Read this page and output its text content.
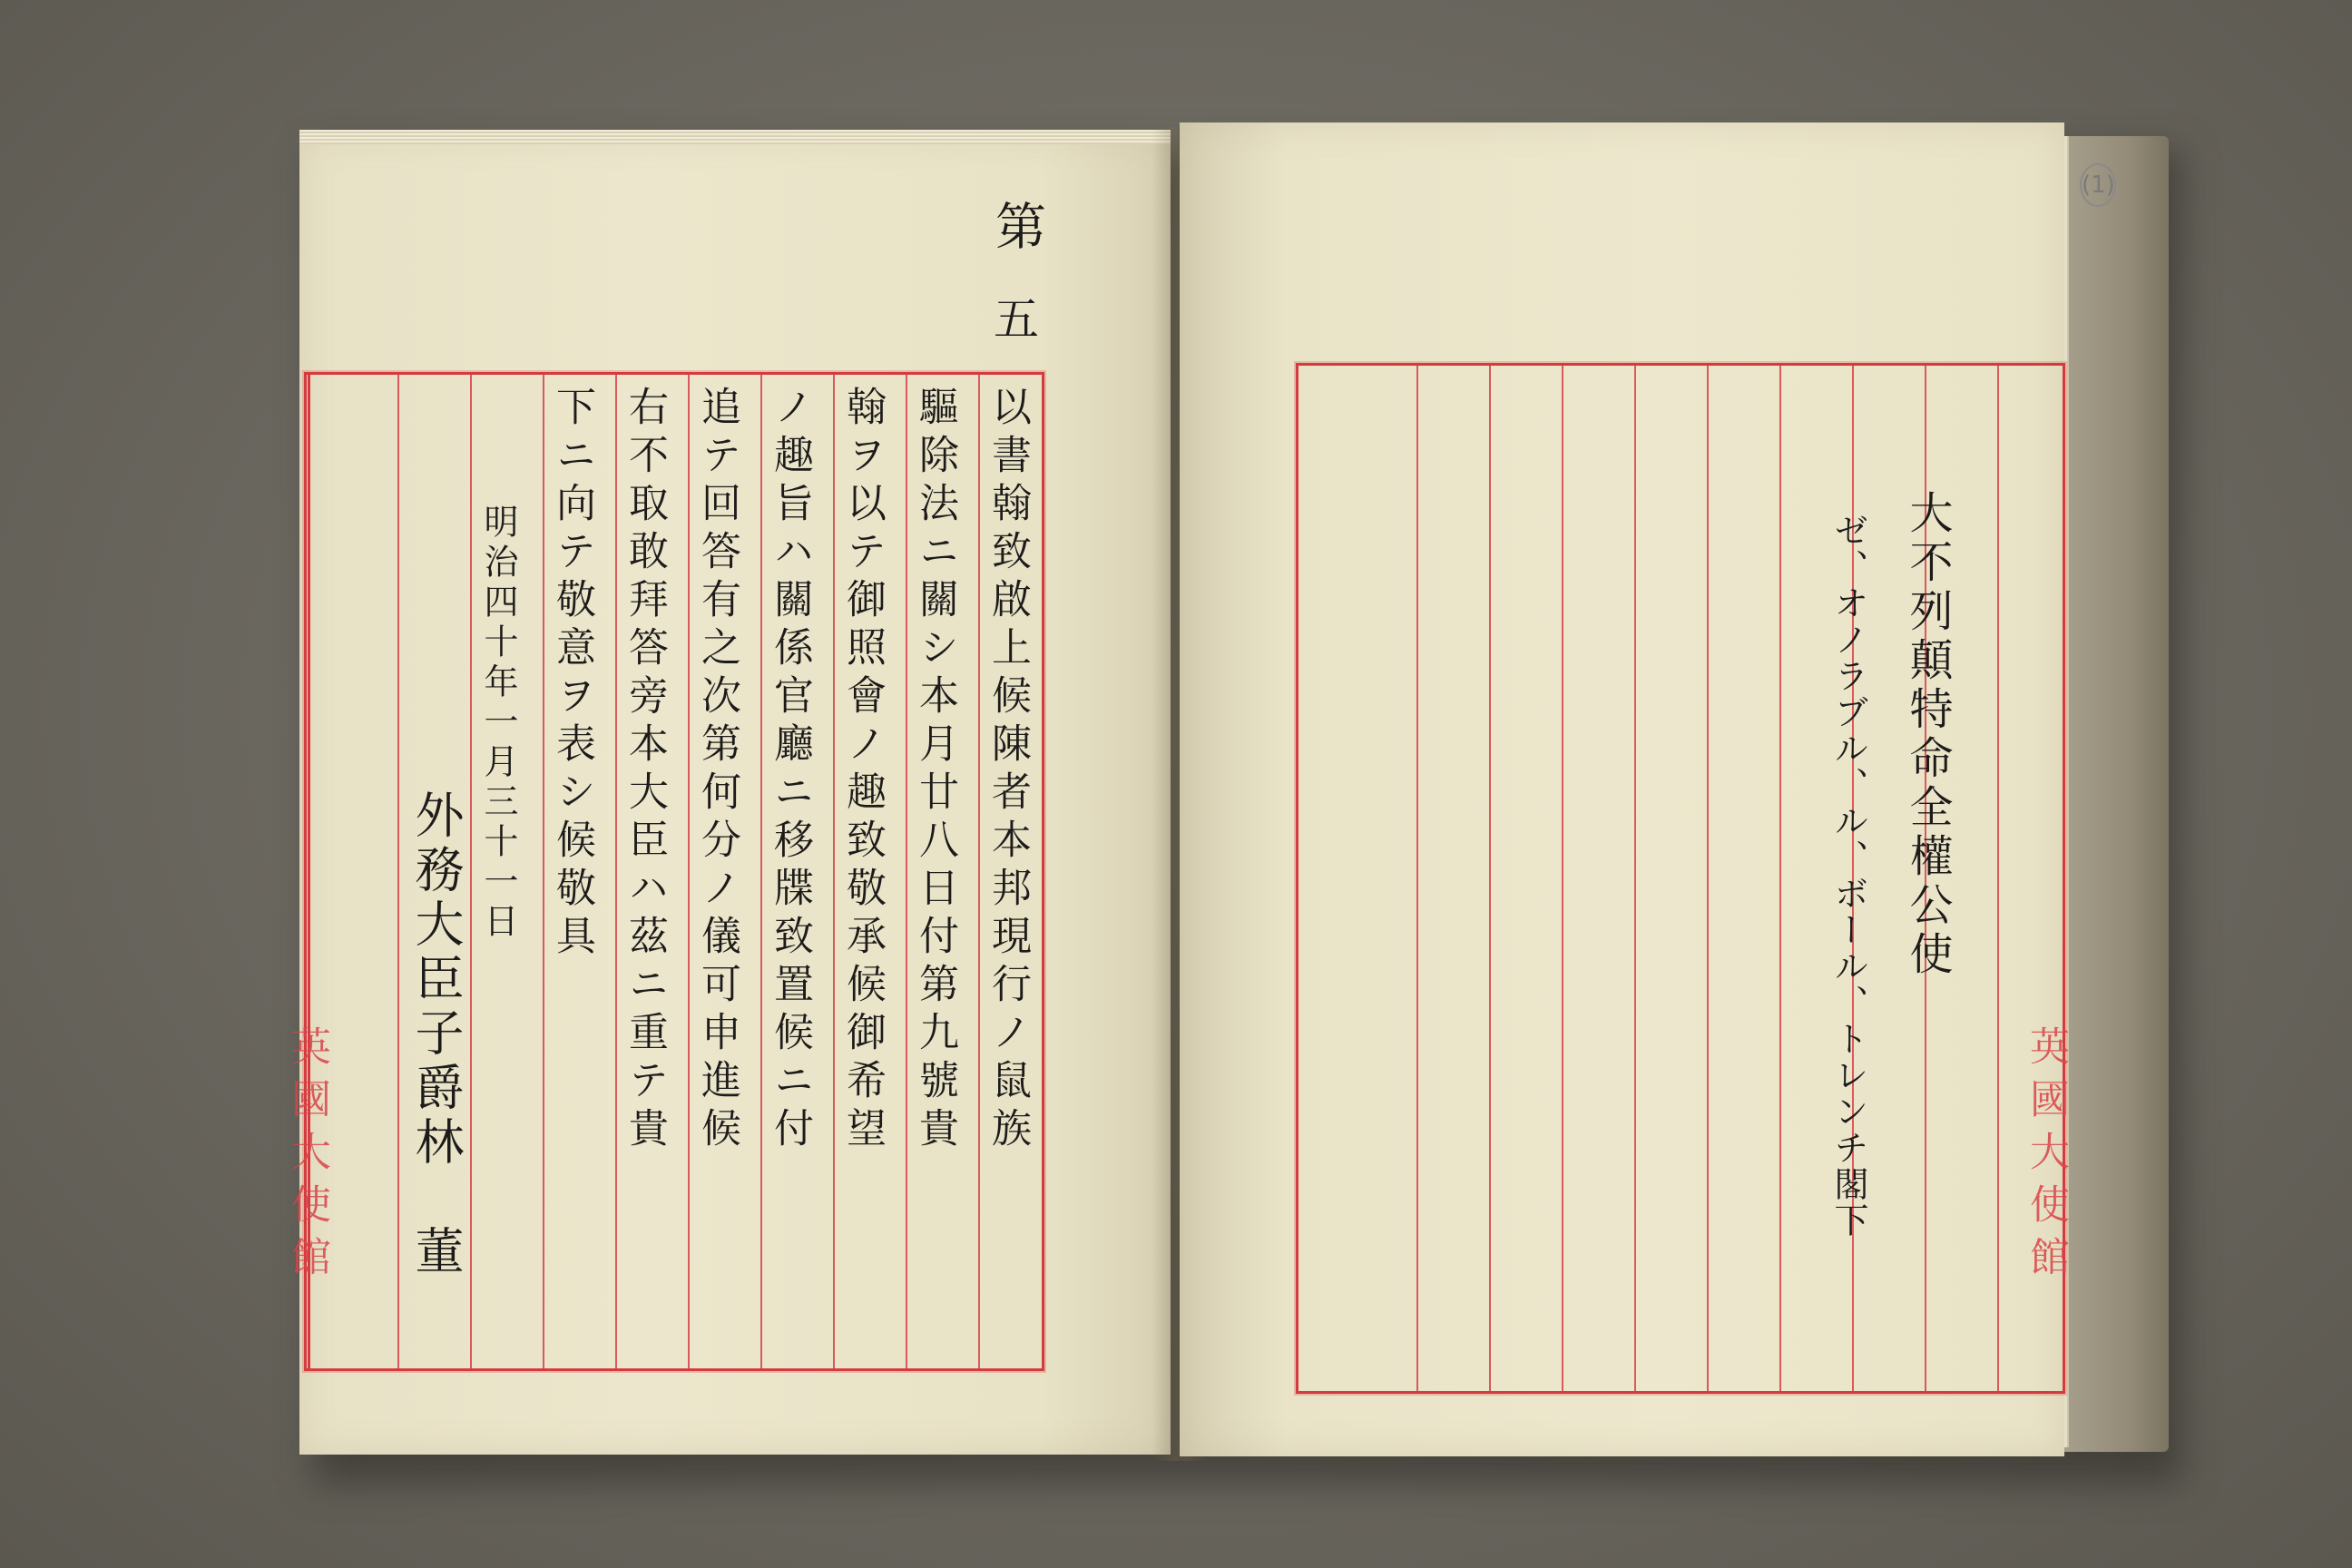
第
五
英國大使館
以書翰致啟上候陳者本邦現行ノ鼠族
驅除法ニ關シ本月廿八日付第九號貴
翰ヲ以テ御照會ノ趣致敬承候御希望
ノ趣旨ハ關係官廳ニ移牒致置候ニ付
追テ回答有之次第何分ノ儀可申進候
右不取敢拜答旁本大臣ハ茲ニ重テ貴
下ニ向テ敬意ヲ表シ候敬具
明治四十年一月三十一日
外務大臣子爵林　董
(1)
英國大使館
大不列顛特命全權公使
ゼ、オノラブル、ル、ボール、トレンチ閣下
